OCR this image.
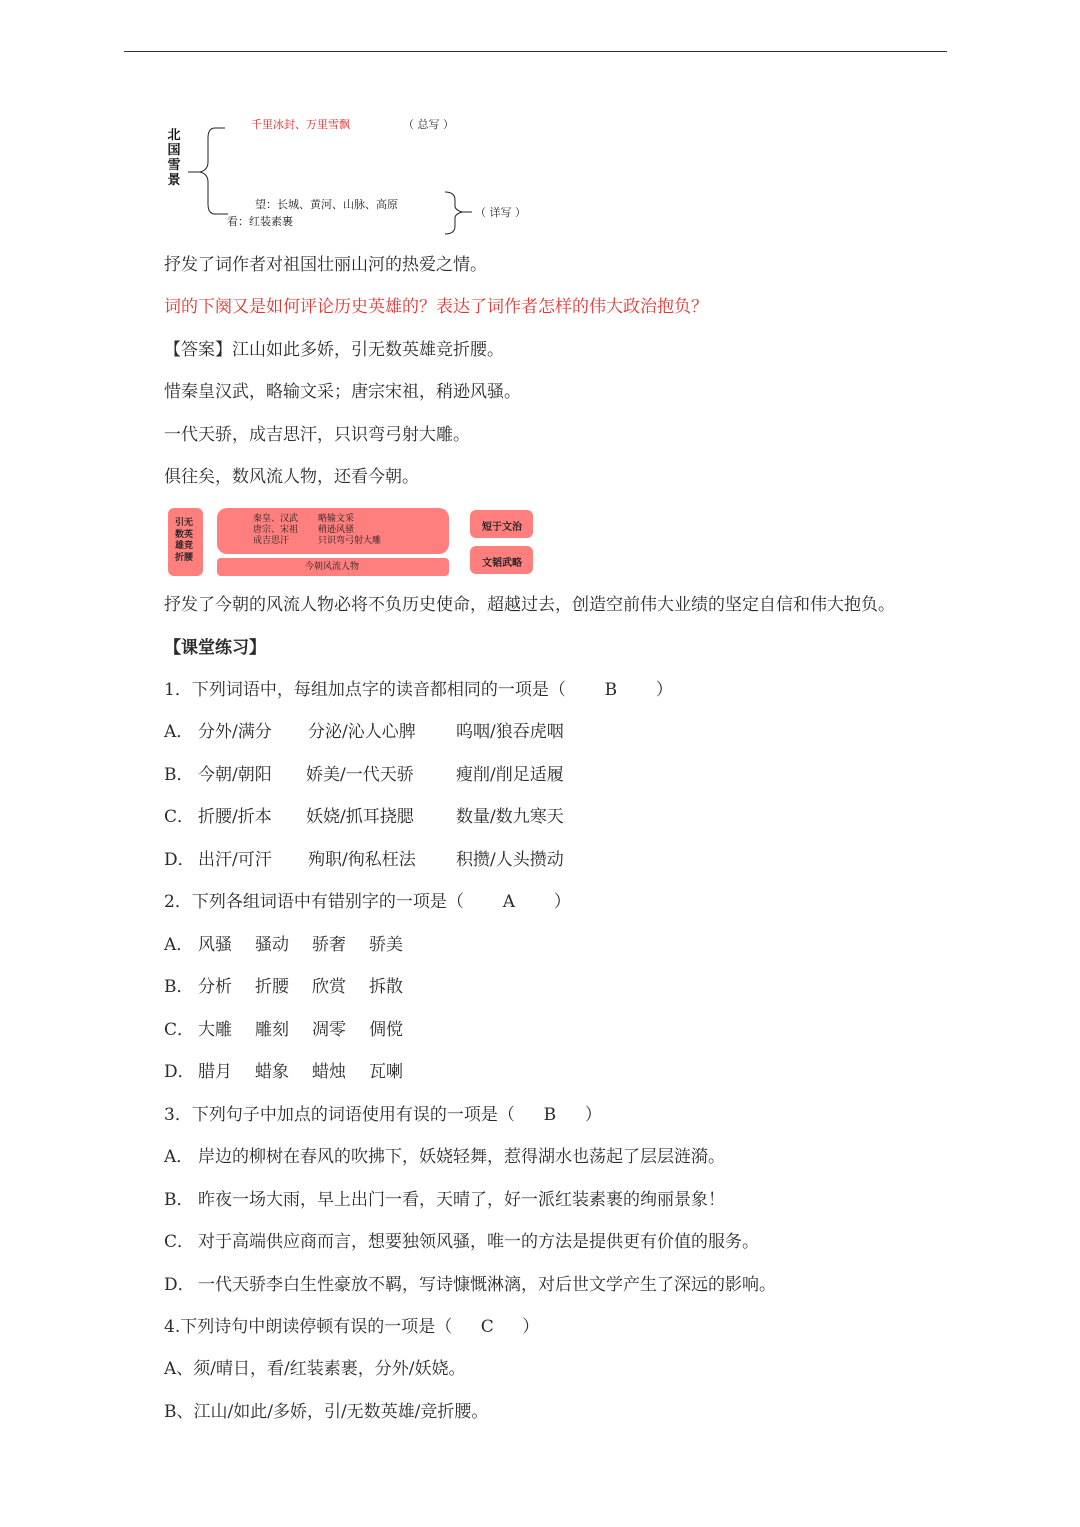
北
国
雪
景
千里冰封、万里雪飘	（ 总写 ）
望：长城、黄河、山脉、高原
看：红装素裹
（ 详写 ）
抒发了词作者对祖国壮丽山河的热爱之情。
词的下阕又是如何评论历史英雄的？表达了词作者怎样的伟大政治抱负？
【答案】江山如此多娇，引无数英雄竞折腰。
惜秦皇汉武，略输文采；唐宗宋祖，稍逊风骚。
一代天骄，成吉思汗，只识弯弓射大雕。
俱往矣，数风流人物，还看今朝。
引无
数英
雄竞
折腰
秦皇、汉武
唐宗、宋祖
成吉思汗
略输文采
稍逊风骚
只识弯弓射大雕
今朝风流人物
短于文治
文韬武略
抒发了今朝的风流人物必将不负历史使命，超越过去，创造空前伟大业绩的坚定自信和伟大抱负。
【课堂练习】
1．下列词语中，每组加点字的读音都相同的一项是（ B ）
A． 分外/满分 分泌/沁人心脾 呜咽/狼吞虎咽
B． 今朝/朝阳 娇美/一代天骄 瘦削/削足适履
C． 折腰/折本 妖娆/抓耳挠腮 数量/数九寒天
D． 出汗/可汗 殉职/徇私枉法 积攒/人头攒动
2．下列各组词语中有错别字的一项是（ A ）
A． 风骚 骚动 骄奢 骄美
B． 分析 折腰 欣赏 拆散
C． 大雕 雕刻 凋零 倜傥
D． 腊月 蜡象 蜡烛 瓦喇
3．下列句子中加点的词语使用有误的一项是（ B ）
A． 岸边的柳树在春风的吹拂下，妖娆轻舞，惹得湖水也荡起了层层涟漪。
B． 昨夜一场大雨，早上出门一看，天晴了，好一派红装素裹的绚丽景象！
C． 对于高端供应商而言，想要独领风骚，唯一的方法是提供更有价值的服务。
D． 一代天骄李白生性豪放不羁，写诗慷慨淋漓，对后世文学产生了深远的影响。
4.下列诗句中朗读停顿有误的一项是（ C ）
A、须/晴日，看/红装素裹，分外/妖娆。
B、江山/如此/多娇，引/无数英雄/竞折腰。
